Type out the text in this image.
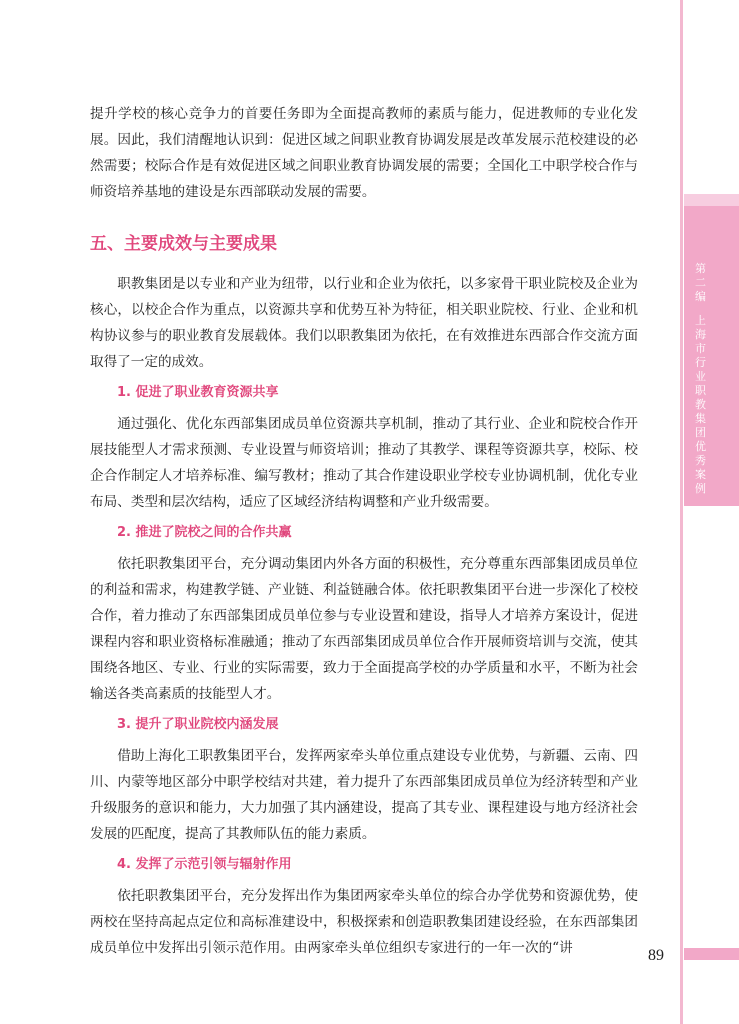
第二编
上海市行业职教集团优秀案例

提升学校的核心竞争力的首要任务即为全面提高教师的素质与能力，促进教师的专业化发展。因此，我们清醒地认识到：促进区域之间职业教育协调发展是改革发展示范校建设的必然需要；校际合作是有效促进区域之间职业教育协调发展的需要；全国化工中职学校合作与师资培养基地的建设是东西部联动发展的需要。

五、主要成效与主要成果

职教集团是以专业和产业为纽带，以行业和企业为依托，以多家骨干职业院校及企业为核心，以校企合作为重点，以资源共享和优势互补为特征，相关职业院校、行业、企业和机构协议参与的职业教育发展载体。我们以职教集团为依托，在有效推进东西部合作交流方面取得了一定的成效。

1. 促进了职业教育资源共享

通过强化、优化东西部集团成员单位资源共享机制，推动了其行业、企业和院校合作开展技能型人才需求预测、专业设置与师资培训；推动了其教学、课程等资源共享，校际、校企合作制定人才培养标准、编写教材；推动了其合作建设职业学校专业协调机制，优化专业布局、类型和层次结构，适应了区域经济结构调整和产业升级需要。

2. 推进了院校之间的合作共赢

依托职教集团平台，充分调动集团内外各方面的积极性，充分尊重东西部集团成员单位的利益和需求，构建教学链、产业链、利益链融合体。依托职教集团平台进一步深化了校校合作，着力推动了东西部集团成员单位参与专业设置和建设，指导人才培养方案设计，促进课程内容和职业资格标准融通；推动了东西部集团成员单位合作开展师资培训与交流，使其围绕各地区、专业、行业的实际需要，致力于全面提高学校的办学质量和水平，不断为社会输送各类高素质的技能型人才。

3. 提升了职业院校内涵发展

借助上海化工职教集团平台，发挥两家牵头单位重点建设专业优势，与新疆、云南、四川、内蒙等地区部分中职学校结对共建，着力提升了东西部集团成员单位为经济转型和产业升级服务的意识和能力，大力加强了其内涵建设，提高了其专业、课程建设与地方经济社会发展的匹配度，提高了其教师队伍的能力素质。

4. 发挥了示范引领与辐射作用

依托职教集团平台，充分发挥出作为集团两家牵头单位的综合办学优势和资源优势，使两校在坚持高起点定位和高标准建设中，积极探索和创造职教集团建设经验，在东西部集团成员单位中发挥出引领示范作用。由两家牵头单位组织专家进行的一年一次的“讲	89
